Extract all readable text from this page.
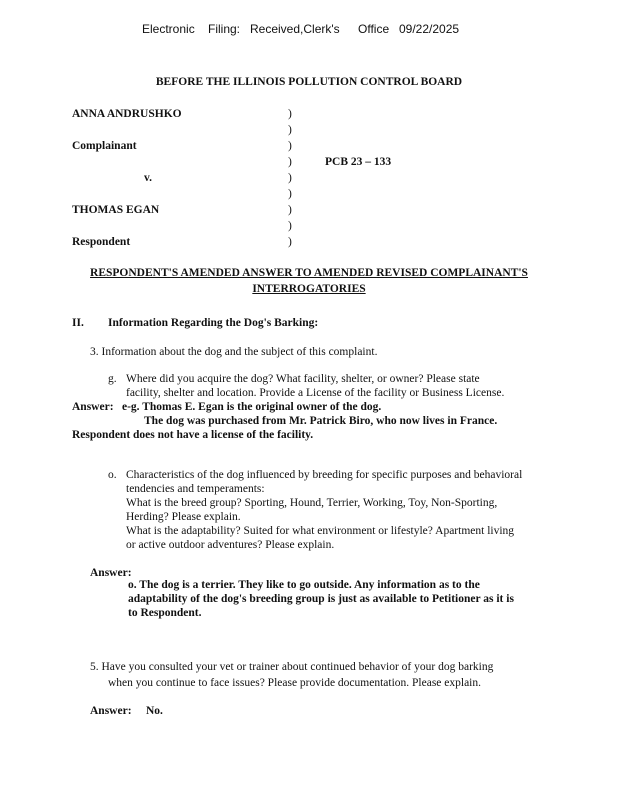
Electronic Filing: Received,Clerk's Office 09/22/2025
BEFORE THE ILLINOIS POLLUTION CONTROL BOARD
ANNA ANDRUSHKO
Complainant
v.
THOMAS EGAN
Respondent
PCB 23 – 133
)
)
)
)
)
)
)
)
)
RESPONDENT'S AMENDED ANSWER TO AMENDED REVISED COMPLAINANT'S
INTERROGATORIES
II. Information Regarding the Dog's Barking:
3. Information about the dog and the subject of this complaint.
g. Where did you acquire the dog? What facility, shelter, or owner? Please state
facility, shelter and location. Provide a License of the facility or Business License.
Answer: e-g. Thomas E. Egan is the original owner of the dog.
The dog was purchased from Mr. Patrick Biro, who now lives in France.
Respondent does not have a license of the facility.
o. Characteristics of the dog influenced by breeding for specific purposes and behavioral
tendencies and temperaments:
What is the breed group? Sporting, Hound, Terrier, Working, Toy, Non-Sporting,
Herding? Please explain.
What is the adaptability? Suited for what environment or lifestyle? Apartment living
or active outdoor adventures? Please explain.
Answer:
o. The dog is a terrier. They like to go outside. Any information as to the
adaptability of the dog's breeding group is just as available to Petitioner as it is
to Respondent.
5. Have you consulted your vet or trainer about continued behavior of your dog barking
when you continue to face issues? Please provide documentation. Please explain.
Answer: No.
